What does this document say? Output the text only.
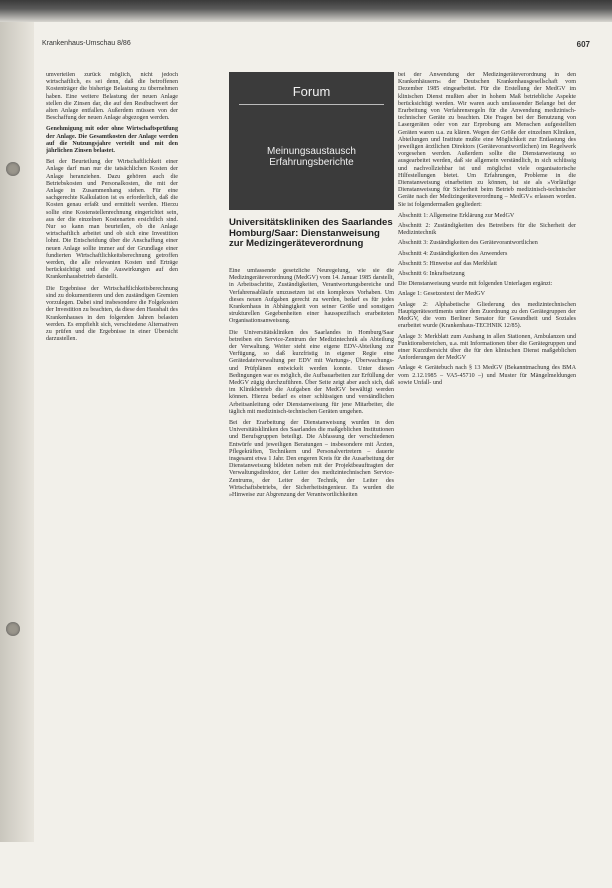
Krankenhaus-Umschau 8/86	607

umverteilen zurück möglich, nicht jedoch wirtschaftlich, es sei denn, daß die betroffenen Kostenträger die bisherige Belastung zu übernehmen haben. Eine weitere Belastung der neuen Anlage stellen die Zinsen dar, die auf den Restbuchwert der alten Anlage entfallen. Außerdem müssen von der Beschaffung der neuen Anlage abgezogen werden.

Genehmigung mit oder ohne Wirtschaftsprüfung der Anlage. Die Gesamtkosten der Anlage werden auf die Nutzungsjahre verteilt und mit den jährlichen Zinsen belastet.

Bei der Beurteilung der Wirtschaftlichkeit einer Anlage darf man nur die tatsächlichen Kosten der Anlage heranziehen. Dazu gehören auch die Betriebskosten und Personalkosten, die mit der Anlage in Zusammenhang stehen. Für eine sachgerechte Kalkulation ist es erforderlich, daß die Kosten genau erfaßt und ermittelt werden. Hierzu sollte eine Kostenstellenrechnung eingerichtet sein, aus der die einzelnen Kostenarten ersichtlich sind. Nur so kann man beurteilen, ob die Anlage wirtschaftlich arbeitet und ob sich eine Investition lohnt. Die Entscheidung über die Anschaffung einer neuen Anlage sollte immer auf der Grundlage einer fundierten Wirtschaftlichkeitsberechnung getroffen werden, die alle relevanten Kosten und Erträge berücksichtigt und die Auswirkungen auf den Krankenhausbetrieb darstellt.

Die Ergebnisse der Wirtschaftlichkeitsberechnung sind zu dokumentieren und den zuständigen Gremien vorzulegen. Dabei sind insbesondere die Folgekosten der Investition zu beachten, da diese den Haushalt des Krankenhauses in den folgenden Jahren belasten werden. Es empfiehlt sich, verschiedene Alternativen zu prüfen und die Ergebnisse in einer Übersicht darzustellen.

Forum
Meinungsaustausch Erfahrungsberichte
Universitätskliniken des Saarlandes Homburg/Saar: Dienstanweisung zur Medizingeräteverordnung

Eine umfassende gesetzliche Neuregelung, wie sie die Medizingeräteverordnung (MedGV) vom 14. Januar 1985 darstellt, in Arbeitsschritte, Zuständigkeiten, Verantwortungsbereiche und Verfahrensabläufe umzusetzen ist ein komplexes Vorhaben. Um dieses neuen Aufgaben gerecht zu werden, bedarf es für jedes Krankenhaus in Abhängigkeit von seiner Größe und sonstigen strukturellen Gegebenheiten einer hausspezifisch erarbeiteten Organisationsanweisung.

Die Universitätskliniken des Saarlandes in Homburg/Saar betreiben ein Service-Zentrum der Medizintechnik als Abteilung der Verwaltung. Weiter steht eine eigene EDV-Abteilung zur Verfügung, so daß kurzfristig in eigener Regie eine Gerätedateiverwaltung per EDV mit Wartungs-, Überwachungs- und Prüfplänen entwickelt werden konnte. Unter diesen Bedingungen war es möglich, die Aufbauarbeiten zur Erfüllung der MedGV zügig durchzuführen. Über Seite zeigt aber auch sich, daß im Klinikbetrieb die Aufgaben der MedGV bewältigt werden können. Hierzu bedarf es einer schlüssigen und verständlichen Arbeitsanleitung oder Dienstanweisung für jene Mitarbeiter, die täglich mit medizinisch-technischen Geräten umgehen.

Bei der Erarbeitung der Dienstanweisung wurden in den Universitätskliniken des Saarlandes die maßgeblichen Institutionen und Berufsgruppen beteiligt. Die Abfassung der verschiedenen Entwürfe und jeweiligen Beratungen – insbesondere mit Ärzten, Pflegekräften, Technikern und Personalvertretern – dauerte insgesamt etwa 1 Jahr. Den engeren Kreis für die Ausarbeitung der Dienstanweisung bildeten neben mit der Projektbeauftragten der Verwaltungsdirektor, der Leiter des medizintechnischen Service-Zentrums, der Leiter der Technik, der Leiter des Wirtschaftsbetriebs, der Sicherheitsingenieur. Es wurden die »Hinweise zur Abgrenzung der Verantwortlichkeiten

bei der Anwendung der Medizingeräteverordnung in den Krankenhäusern« der Deutschen Krankenhausgesellschaft vom Dezember 1985 eingearbeitet. Für die Erstellung der MedGV im klinischen Dienst mußten aber in hohem Maß betriebliche Aspekte berücksichtigt werden. Wir waren auch umfassender Belange bei der Erarbeitung von Verfahrensregeln für die Anwendung medizinisch-technischer Geräte zu beachten. Die Fragen bei der Benutzung von Lasergeräten oder von zur Erprobung am Menschen aufgestellten Geräten waren u.a. zu klären. Wegen der Größe der einzelnen Kliniken, Abteilungen und Institute mußte eine Möglichkeit zur Entlastung des jeweiligen ärztlichen Direktors (Gerätevorantwortlichen) im Regelwerk vorgesehen werden. Außerdem sollte die Dienstanweisung so ausgearbeitet werden, daß sie allgemein verständlich, in sich schlüssig und nachvollziehbar ist und möglichst viele organisatorische Hilfestellungen bietet. Um Erfahrungen, Probleme in die Dienstanweisung einarbeiten zu können, ist sie als »Vorläufige Dienstanweisung für Sicherheit beim Betrieb medizinisch-technischer Geräte nach der Medizingeräteverordnung – MedGV« erlassen worden. Sie ist folgendermaßen gegliedert:

Abschnitt 1: Allgemeine Erklärung zur MedGV

Abschnitt 2: Zuständigkeiten des Betreibers für die Sicherheit der Medizintechnik

Abschnitt 3: Zuständigkeiten des Gerätevorantwortlichen

Abschnitt 4: Zuständigkeiten des Anwenders

Abschnitt 5: Hinweise auf das Merkblatt

Abschnitt 6: Inkraftsetzung

Die Dienstanweisung wurde mit folgenden Unterlagen ergänzt:

Anlage 1: Gesetzestext der MedGV

Anlage 2: Alphabetische Gliederung des medizintechnischen Hauptgerätesortiments unter dem Zuordnung zu den Gerätegruppen der MedGV, die vom Berliner Senator für Gesundheit und Soziales erarbeitet wurde (Krankenhaus-TECHNIK 12/85).

Anlage 3: Merkblatt zum Aushang in allen Stationen, Ambulanzen und Funktionsbereichen, u.a. mit Informationen über die Gerätegruppen und einer Kurzübersicht über die für den klinischen Dienst maßgeblichen Anforderungen der MedGV

Anlage 4: Gerätebuch nach § 13 MedGV (Bekanntmachung des BMA vom 2.12.1985 – VA5-45710 –) und Muster für Mängelmeldungen sowie Unfall- und
